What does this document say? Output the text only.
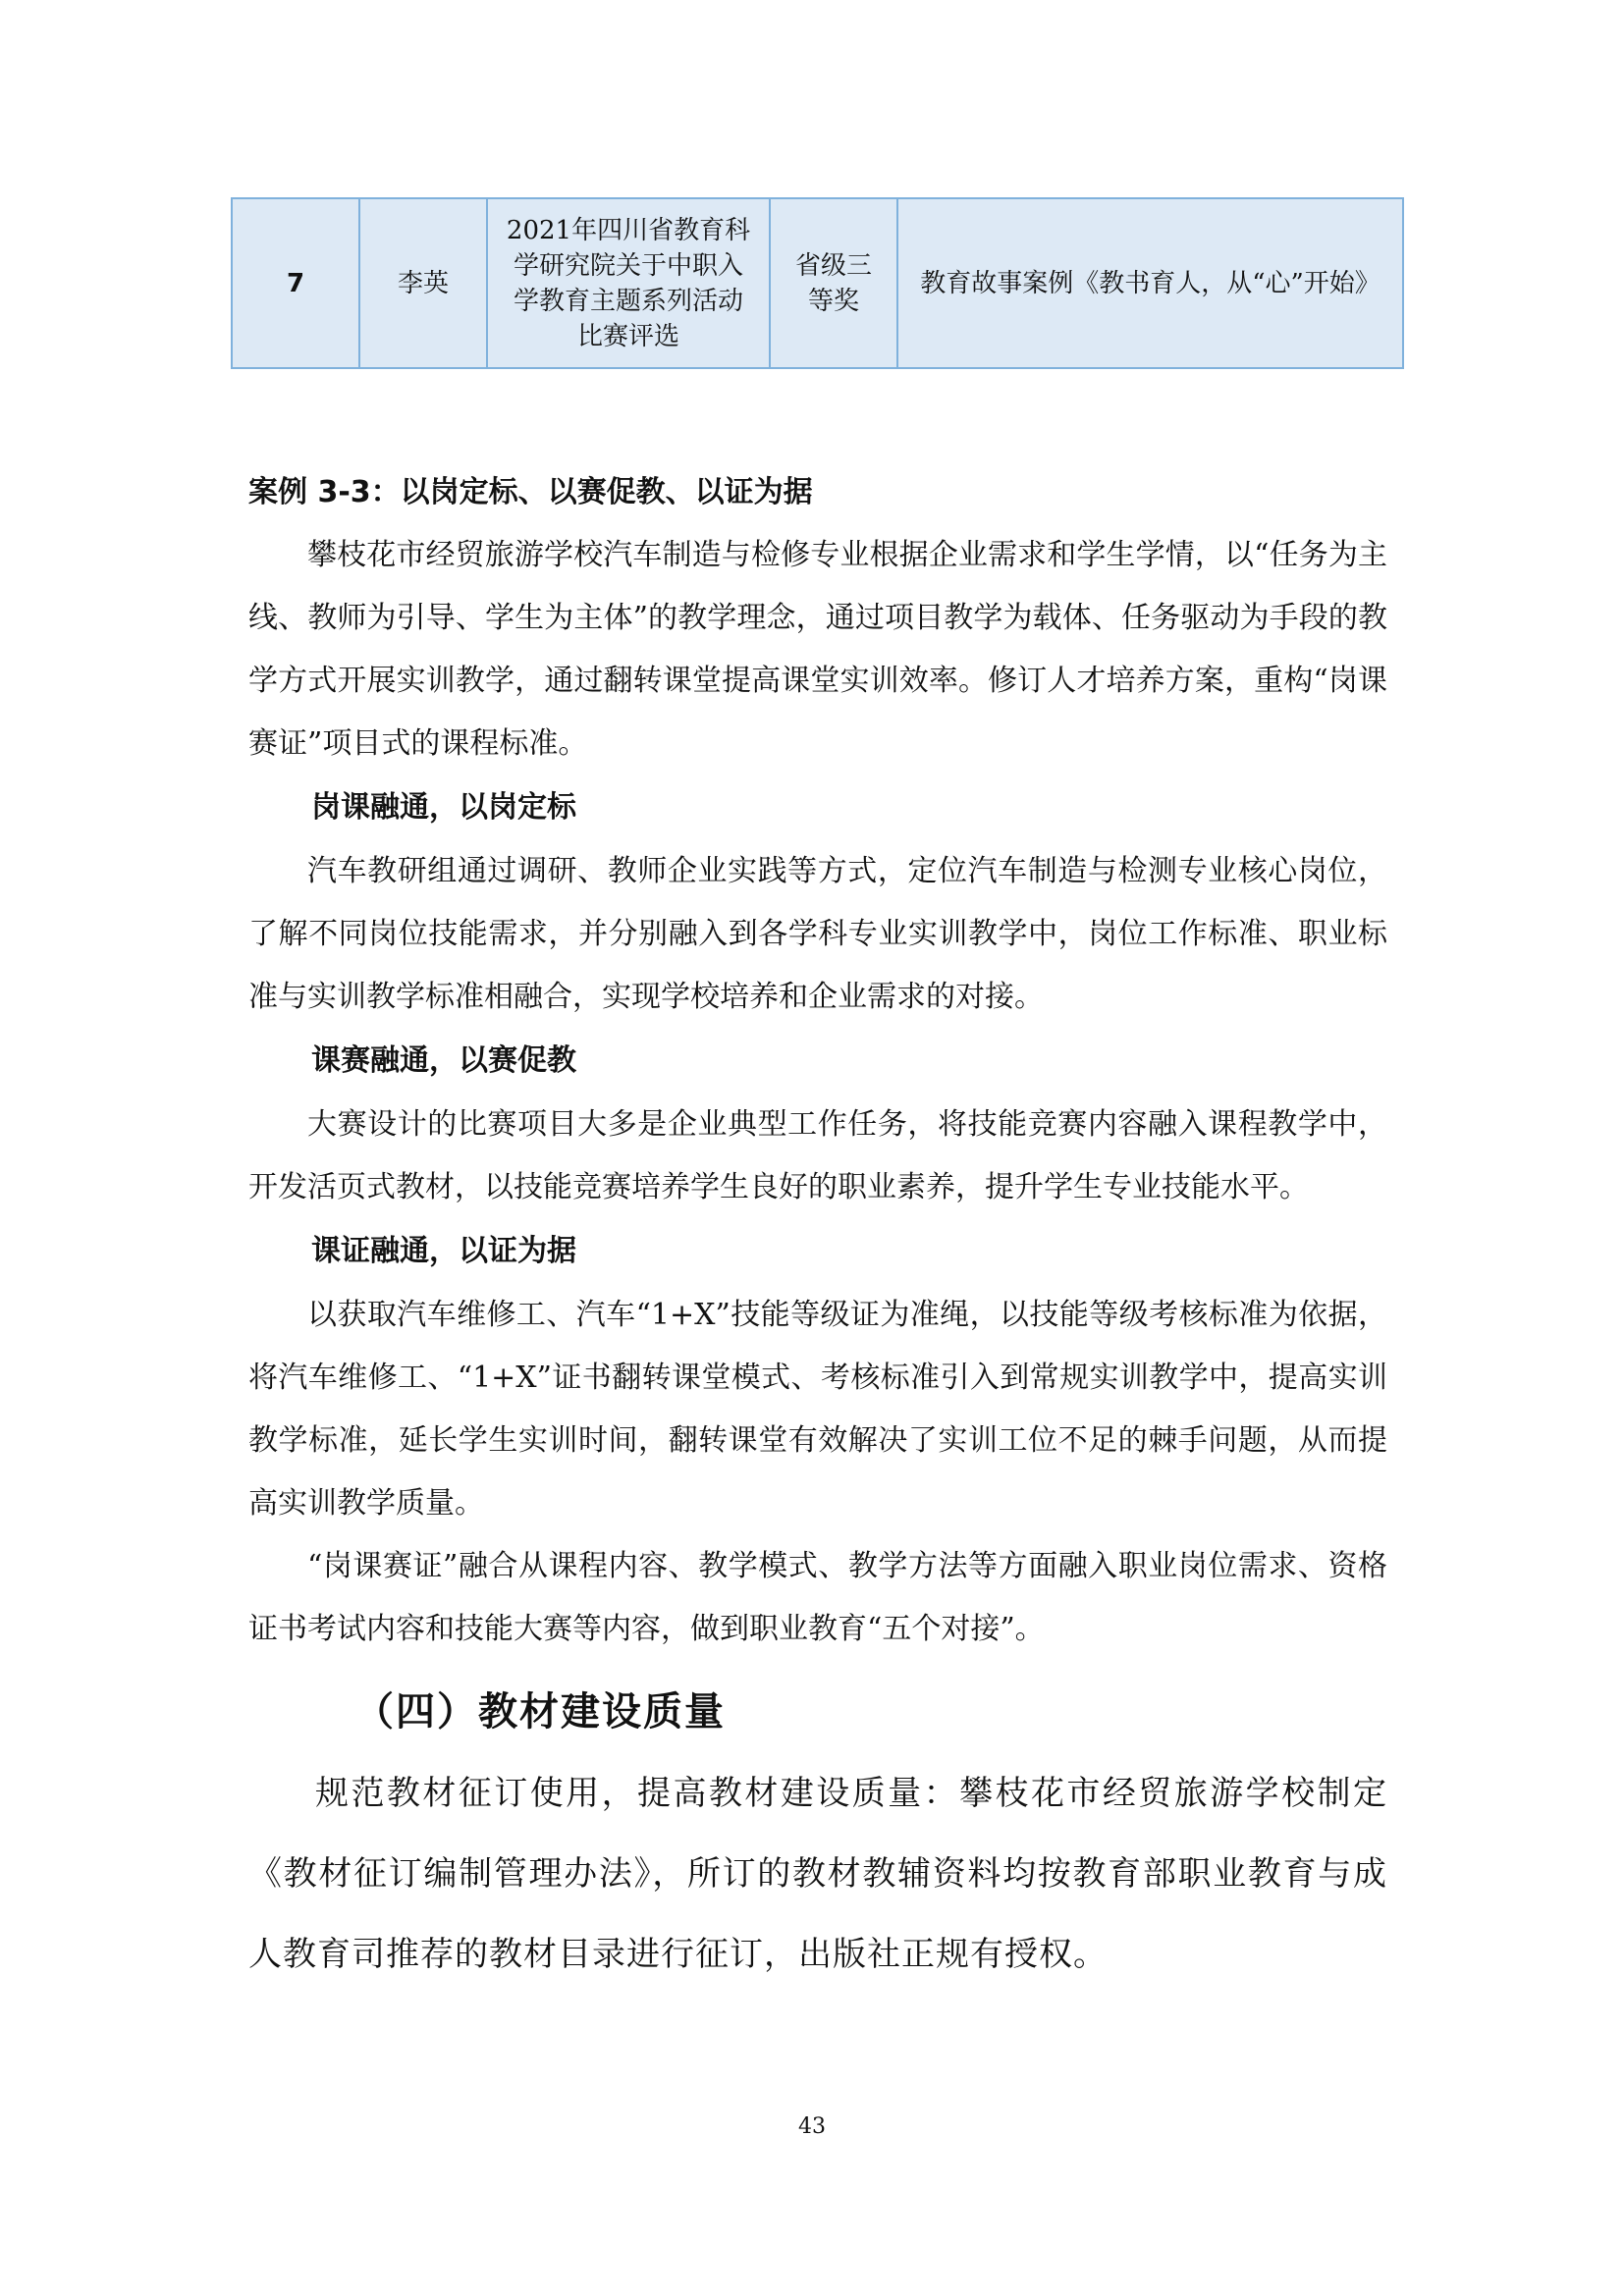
7	李英	2021年四川省教育科学研究院关于中职入学教育主题系列活动比赛评选	省级三等奖	教育故事案例《教书育人，从“心”开始》

案例 3-3：以岗定标、以赛促教、以证为据

攀枝花市经贸旅游学校汽车制造与检修专业根据企业需求和学生学情，以“任务为主线、教师为引导、学生为主体”的教学理念，通过项目教学为载体、任务驱动为手段的教学方式开展实训教学，通过翻转课堂提高课堂实训效率。修订人才培养方案，重构“岗课赛证”项目式的课程标准。

岗课融通，以岗定标

汽车教研组通过调研、教师企业实践等方式，定位汽车制造与检测专业核心岗位，了解不同岗位技能需求，并分别融入到各学科专业实训教学中，岗位工作标准、职业标准与实训教学标准相融合，实现学校培养和企业需求的对接。

课赛融通，以赛促教

大赛设计的比赛项目大多是企业典型工作任务，将技能竞赛内容融入课程教学中，开发活页式教材，以技能竞赛培养学生良好的职业素养，提升学生专业技能水平。

课证融通，以证为据

以获取汽车维修工、汽车“1+X”技能等级证为准绳，以技能等级考核标准为依据，将汽车维修工、“1+X”证书翻转课堂模式、考核标准引入到常规实训教学中，提高实训教学标准，延长学生实训时间，翻转课堂有效解决了实训工位不足的棘手问题，从而提高实训教学质量。

“岗课赛证”融合从课程内容、教学模式、教学方法等方面融入职业岗位需求、资格证书考试内容和技能大赛等内容，做到职业教育“五个对接”。

（四）教材建设质量

规范教材征订使用，提高教材建设质量：攀枝花市经贸旅游学校制定《教材征订编制管理办法》，所订的教材教辅资料均按教育部职业教育与成人教育司推荐的教材目录进行征订，出版社正规有授权。

43
